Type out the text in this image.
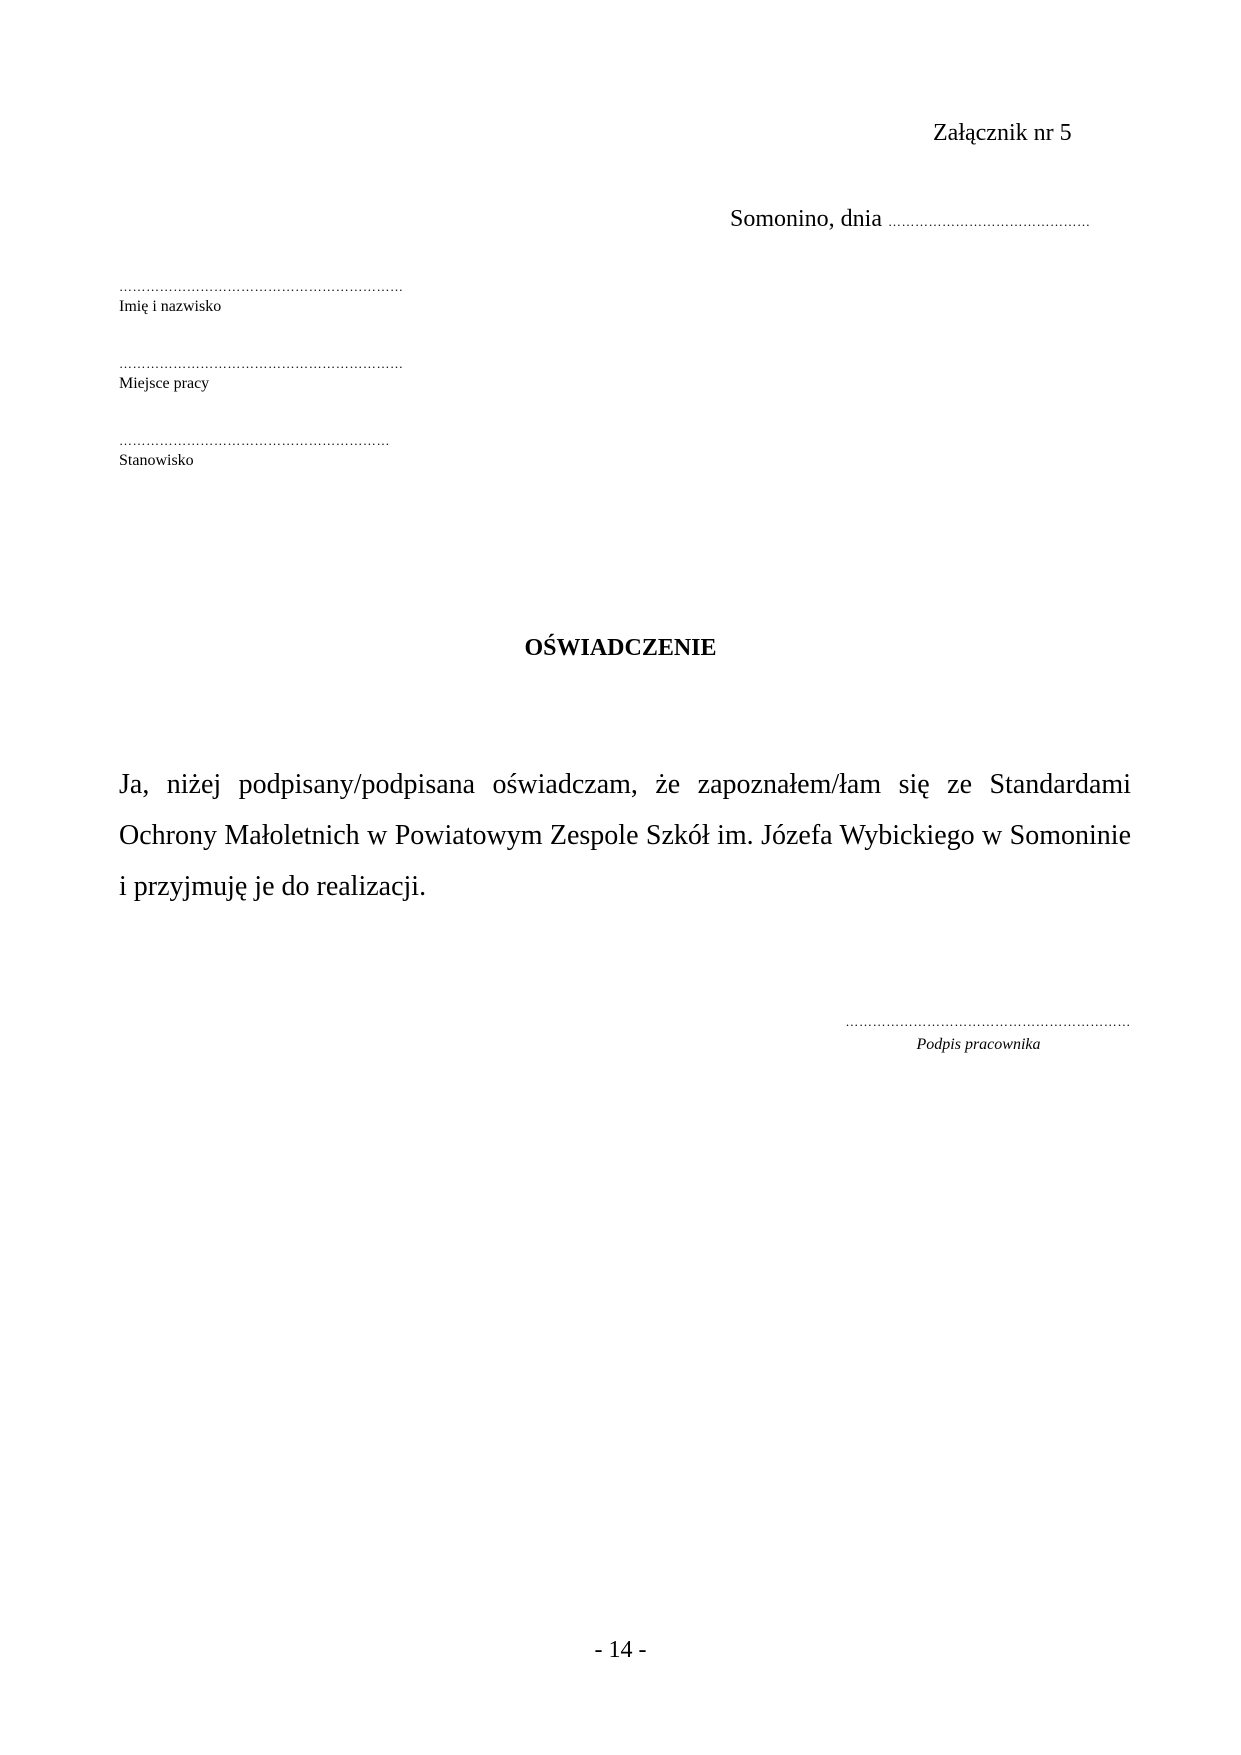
Załącznik nr 5
Somonino, dnia ………………………………………
………………………………………………………
Imię i nazwisko
………………………………………………………
Miejsce pracy
……………………………………………………
Stanowisko
OŚWIADCZENIE
Ja, niżej podpisany/podpisana oświadczam, że zapoznałem/łam się ze Standardami Ochrony Małoletnich w Powiatowym Zespole Szkół im. Józefa Wybickiego w Somoninie i przyjmuję je do realizacji.
………………………………………………………
Podpis pracownika
- 14 -
